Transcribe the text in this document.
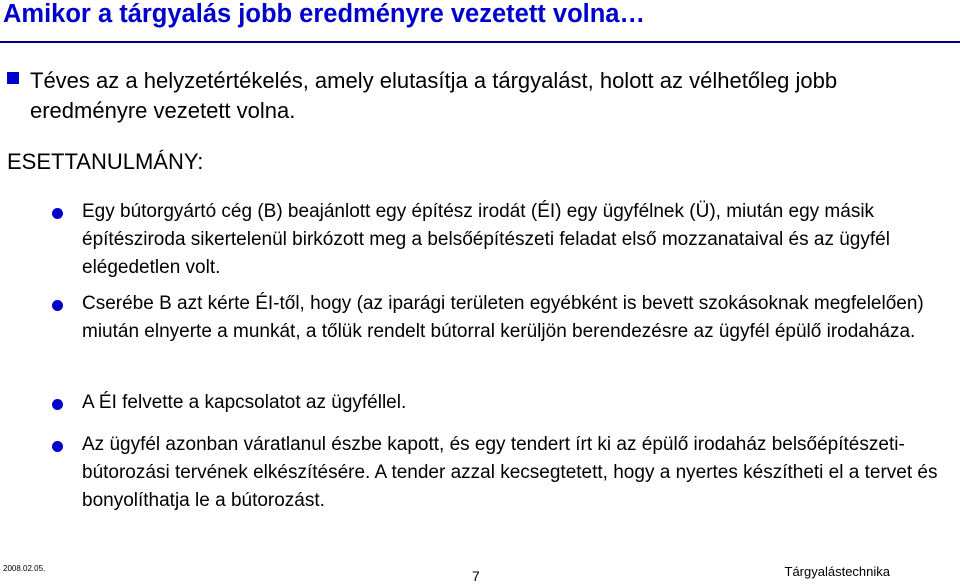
Amikor a tárgyalás jobb eredményre vezetett volna…
Téves az a helyzetértékelés, amely elutasítja a tárgyalást, holott az vélhetőleg jobb eredményre vezetett volna.
ESETTANULMÁNY:
Egy bútorgyártó cég (B) beajánlott egy építész irodát (ÉI) egy ügyfélnek (Ü), miután egy másik építésziroda sikertelenül birkózott meg a belsőépítészeti feladat első mozzanataival és az ügyfél elégedetlen volt.
Cserébe B azt kérte ÉI-től, hogy (az iparági területen egyébként is bevett szokásoknak megfelelően) miután elnyerte a munkát, a tőlük rendelt bútorral kerüljön berendezésre az ügyfél épülő irodaháza.
A ÉI felvette a kapcsolatot az ügyféllel.
Az ügyfél azonban váratlanul észbe kapott, és egy tendert írt ki az épülő irodaház belsőépítészeti-bútorozási tervének elkészítésére. A tender azzal kecsegtetett, hogy a nyertes készítheti el a tervet és bonyolíthatja le a bútorozást.
2008.02.05.	7	Tárgyalástechnika
